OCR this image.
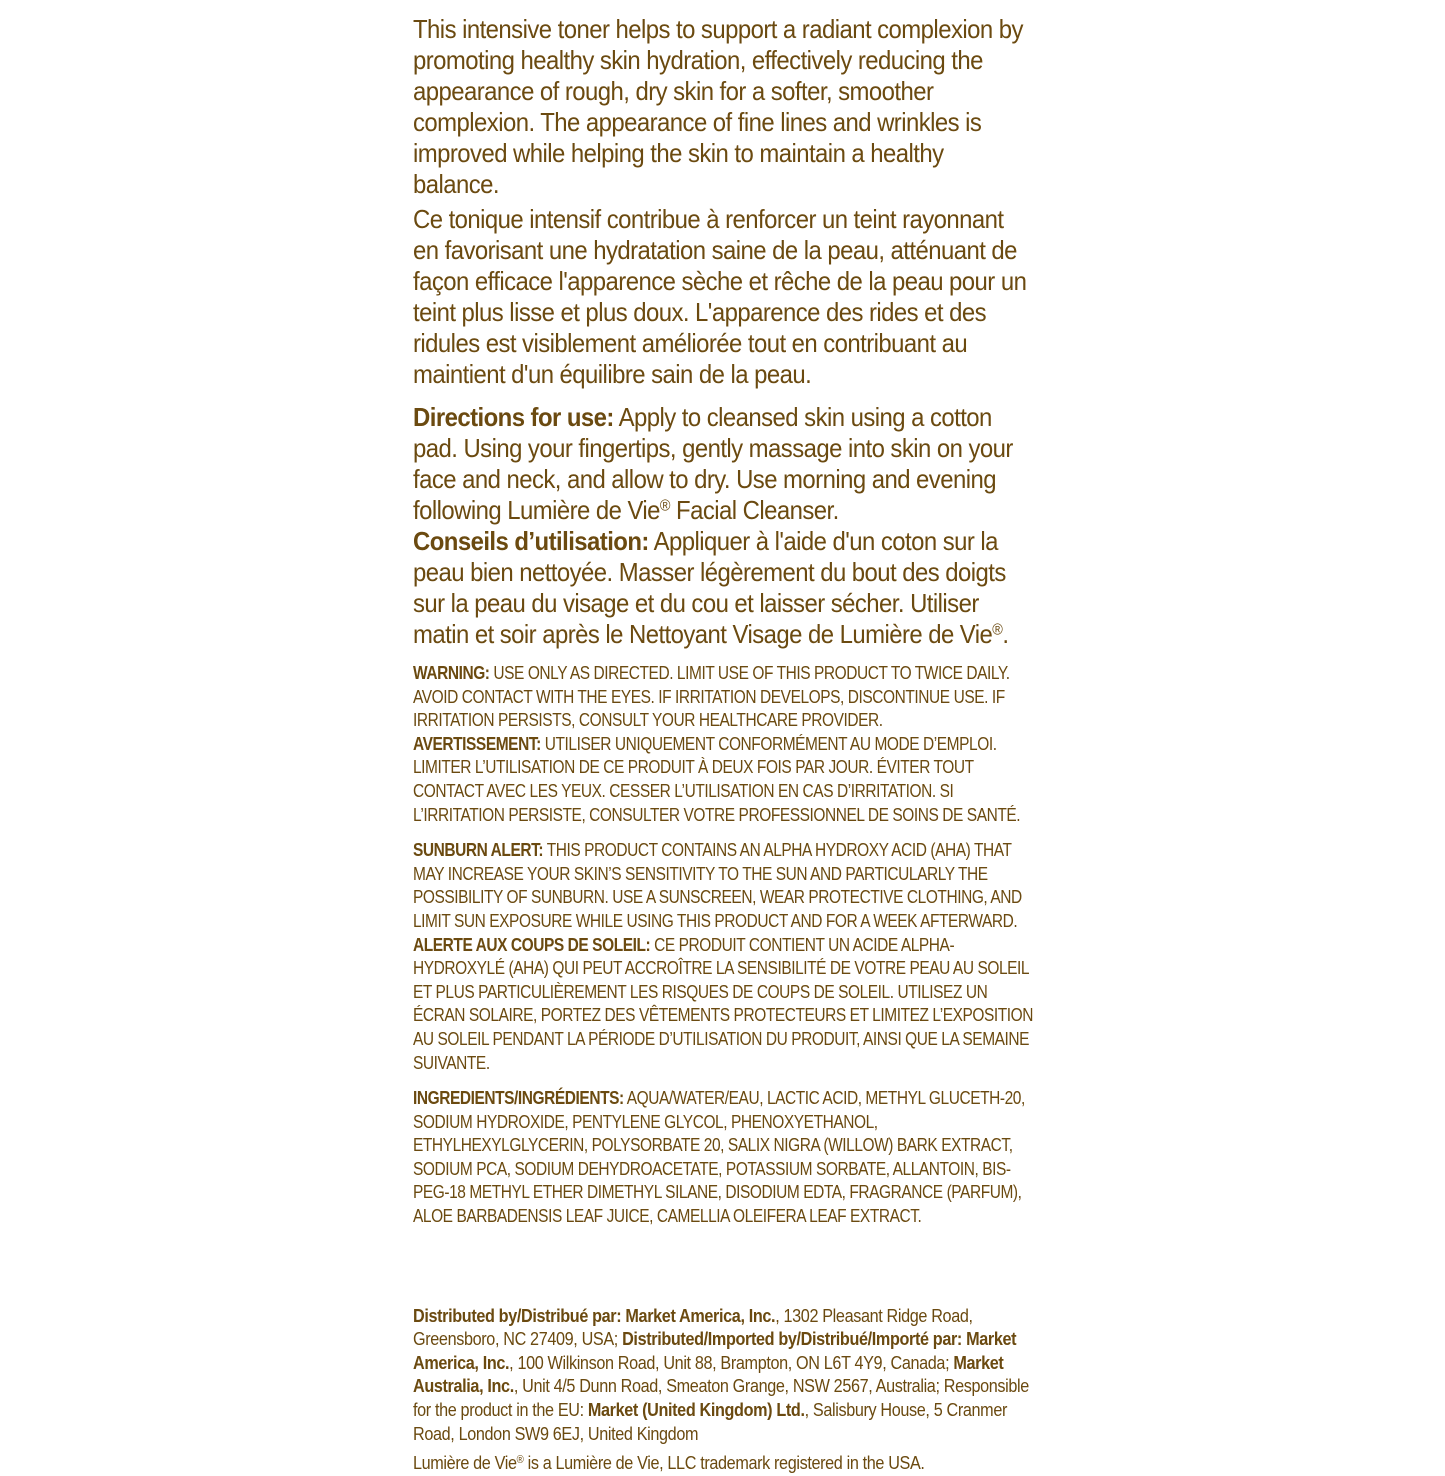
This intensive toner helps to support a radiant complexion by promoting healthy skin hydration, effectively reducing the appearance of rough, dry skin for a softer, smoother complexion. The appearance of fine lines and wrinkles is improved while helping the skin to maintain a healthy balance.

Ce tonique intensif contribue à renforcer un teint rayonnant en favorisant une hydratation saine de la peau, atténuant de façon efficace l'apparence sèche et rêche de la peau pour un teint plus lisse et plus doux. L'apparence des rides et des ridules est visiblement améliorée tout en contribuant au maintient d'un équilibre sain de la peau.

Directions for use: Apply to cleansed skin using a cotton pad. Using your fingertips, gently massage into skin on your face and neck, and allow to dry. Use morning and evening following Lumière de Vie® Facial Cleanser.

Conseils d’utilisation: Appliquer à l'aide d'un coton sur la peau bien nettoyée. Masser légèrement du bout des doigts sur la peau du visage et du cou et laisser sécher. Utiliser matin et soir après le Nettoyant Visage de Lumière de Vie®.

WARNING: USE ONLY AS DIRECTED. LIMIT USE OF THIS PRODUCT TO TWICE DAILY. AVOID CONTACT WITH THE EYES. IF IRRITATION DEVELOPS, DISCONTINUE USE. IF IRRITATION PERSISTS, CONSULT YOUR HEALTHCARE PROVIDER.

AVERTISSEMENT: UTILISER UNIQUEMENT CONFORMÉMENT AU MODE D’EMPLOI. LIMITER L’UTILISATION DE CE PRODUIT À DEUX FOIS PAR JOUR. ÉVITER TOUT CONTACT AVEC LES YEUX. CESSER L’UTILISATION EN CAS D’IRRITATION. SI L’IRRITATION PERSISTE, CONSULTER VOTRE PROFESSIONNEL DE SOINS DE SANTÉ.

SUNBURN ALERT: THIS PRODUCT CONTAINS AN ALPHA HYDROXY ACID (AHA) THAT MAY INCREASE YOUR SKIN’S SENSITIVITY TO THE SUN AND PARTICULARLY THE POSSIBILITY OF SUNBURN. USE A SUNSCREEN, WEAR PROTECTIVE CLOTHING, AND LIMIT SUN EXPOSURE WHILE USING THIS PRODUCT AND FOR A WEEK AFTERWARD.

ALERTE AUX COUPS DE SOLEIL: CE PRODUIT CONTIENT UN ACIDE ALPHA-HYDROXYLÉ (AHA) QUI PEUT ACCROÎTRE LA SENSIBILITÉ DE VOTRE PEAU AU SOLEIL ET PLUS PARTICULIÈREMENT LES RISQUES DE COUPS DE SOLEIL. UTILISEZ UN ÉCRAN SOLAIRE, PORTEZ DES VÊTEMENTS PROTECTEURS ET LIMITEZ L’EXPOSITION AU SOLEIL PENDANT LA PÉRIODE D’UTILISATION DU PRODUIT, AINSI QUE LA SEMAINE SUIVANTE.

INGREDIENTS/INGRÉDIENTS: AQUA/WATER/EAU, LACTIC ACID, METHYL GLUCETH-20, SODIUM HYDROXIDE, PENTYLENE GLYCOL, PHENOXYETHANOL, ETHYLHEXYLGLYCERIN, POLYSORBATE 20, SALIX NIGRA (WILLOW) BARK EXTRACT, SODIUM PCA, SODIUM DEHYDROACETATE, POTASSIUM SORBATE, ALLANTOIN, BIS-PEG-18 METHYL ETHER DIMETHYL SILANE, DISODIUM EDTA, FRAGRANCE (PARFUM), ALOE BARBADENSIS LEAF JUICE, CAMELLIA OLEIFERA LEAF EXTRACT.

Distributed by/Distribué par: Market America, Inc., 1302 Pleasant Ridge Road, Greensboro, NC 27409, USA; Distributed/Imported by/Distribué/Importé par: Market America, Inc., 100 Wilkinson Road, Unit 88, Brampton, ON L6T 4Y9, Canada; Market Australia, Inc., Unit 4/5 Dunn Road, Smeaton Grange, NSW 2567, Australia; Responsible for the product in the EU: Market (United Kingdom) Ltd., Salisbury House, 5 Cranmer Road, London SW9 6EJ, United Kingdom

Lumière de Vie® is a Lumière de Vie, LLC trademark registered in the USA.
